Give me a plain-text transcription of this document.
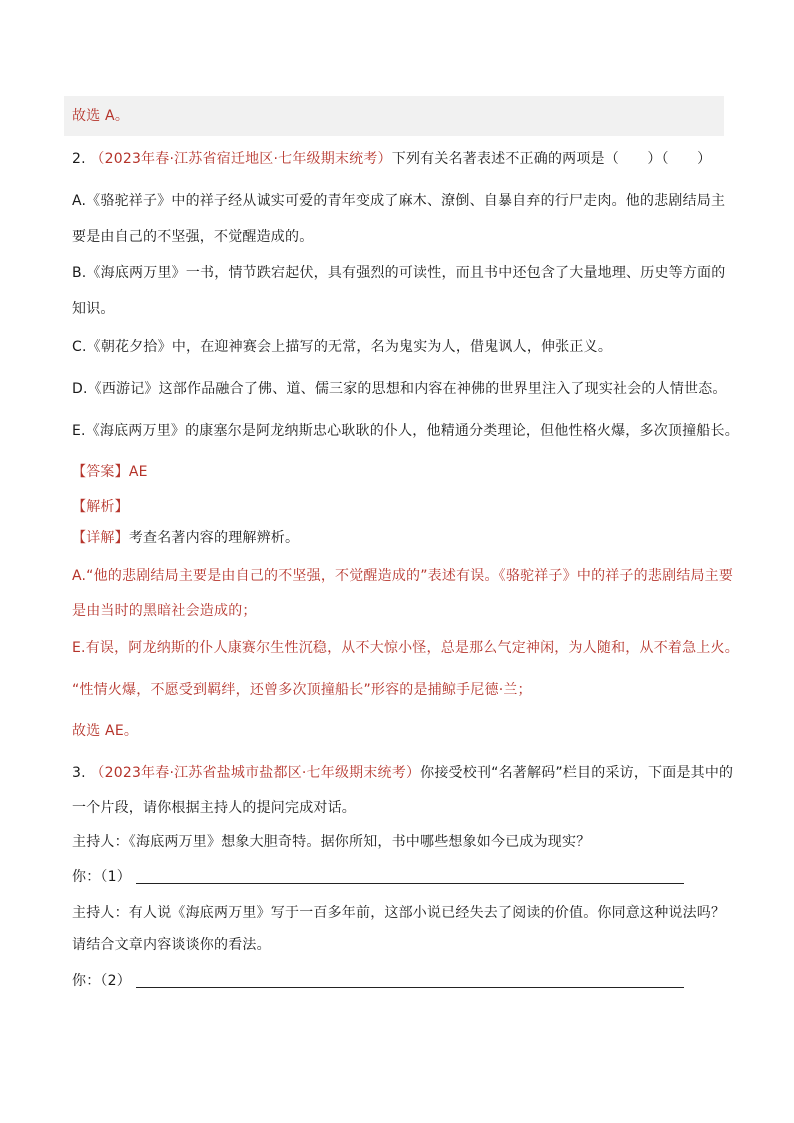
故选 A。
2. （2023年春·江苏省宿迁地区·七年级期末统考）下列有关名著表述不正确的两项是（　　）（　　）
A.《骆驼祥子》中的祥子经从诚实可爱的青年变成了麻木、潦倒、自暴自弃的行尸走肉。他的悲剧结局主
要是由自己的不坚强，不觉醒造成的。
B.《海底两万里》一书，情节跌宕起伏，具有强烈的可读性，而且书中还包含了大量地理、历史等方面的
知识。
C.《朝花夕拾》中，在迎神赛会上描写的无常，名为鬼实为人，借鬼讽人，伸张正义。
D.《西游记》这部作品融合了佛、道、儒三家的思想和内容在神佛的世界里注入了现实社会的人情世态。
E.《海底两万里》的康塞尔是阿龙纳斯忠心耿耿的仆人，他精通分类理论，但他性格火爆，多次顶撞船长。
【答案】AE
【解析】
【详解】考查名著内容的理解辨析。
A.“他的悲剧结局主要是由自己的不坚强，不觉醒造成的”表述有误。《骆驼祥子》中的祥子的悲剧结局主要
是由当时的黑暗社会造成的；
E.有误，阿龙纳斯的仆人康赛尔生性沉稳，从不大惊小怪，总是那么气定神闲，为人随和，从不着急上火。
“性情火爆，不愿受到羁绊，还曾多次顶撞船长”形容的是捕鲸手尼德·兰；
故选 AE。
3. （2023年春·江苏省盐城市盐都区·七年级期末统考）你接受校刊“名著解码”栏目的采访，下面是其中的
一个片段，请你根据主持人的提问完成对话。
主持人：《海底两万里》想象大胆奇特。据你所知，书中哪些想象如今已成为现实？
你：（1）
主持人：有人说《海底两万里》写于一百多年前，这部小说已经失去了阅读的价值。你同意这种说法吗？
请结合文章内容谈谈你的看法。
你：（2）
